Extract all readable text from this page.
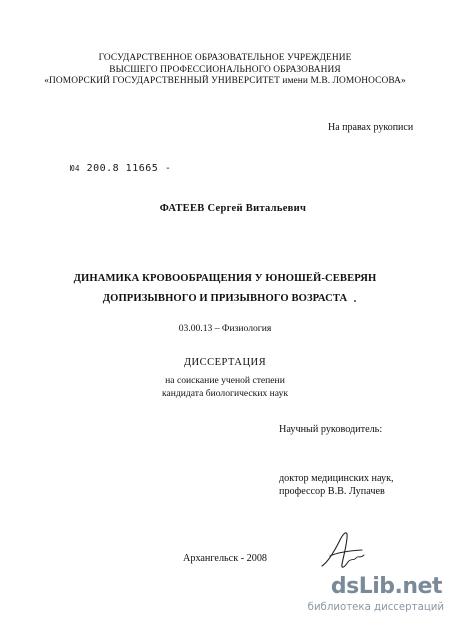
ГОСУДАРСТВЕННОЕ ОБРАЗОВАТЕЛЬНОЕ УЧРЕЖДЕНИЕ
ВЫСШЕГО ПРОФЕССИОНАЛЬНОГО ОБРАЗОВАНИЯ
«ПОМОРСКИЙ ГОСУДАРСТВЕННЫЙ УНИВЕРСИТЕТ имени М.В. ЛОМОНОСОВА»
На правах рукописи
Ю4 200.8 11665 -
ФАТЕЕВ Сергей Витальевич
ДИНАМИКА КРОВООБРАЩЕНИЯ У ЮНОШЕЙ-СЕВЕРЯН
ДОПРИЗЫВНОГО И ПРИЗЫВНОГО ВОЗРАСТА
03.00.13 – Физиология
ДИССЕРТАЦИЯ
на соискание ученой степени
кандидата биологических наук
Научный руководитель:
доктор медицинских наук,
профессор В.В. Лупачев
Архангельск - 2008
dsLib.net
библиотека диссертаций
